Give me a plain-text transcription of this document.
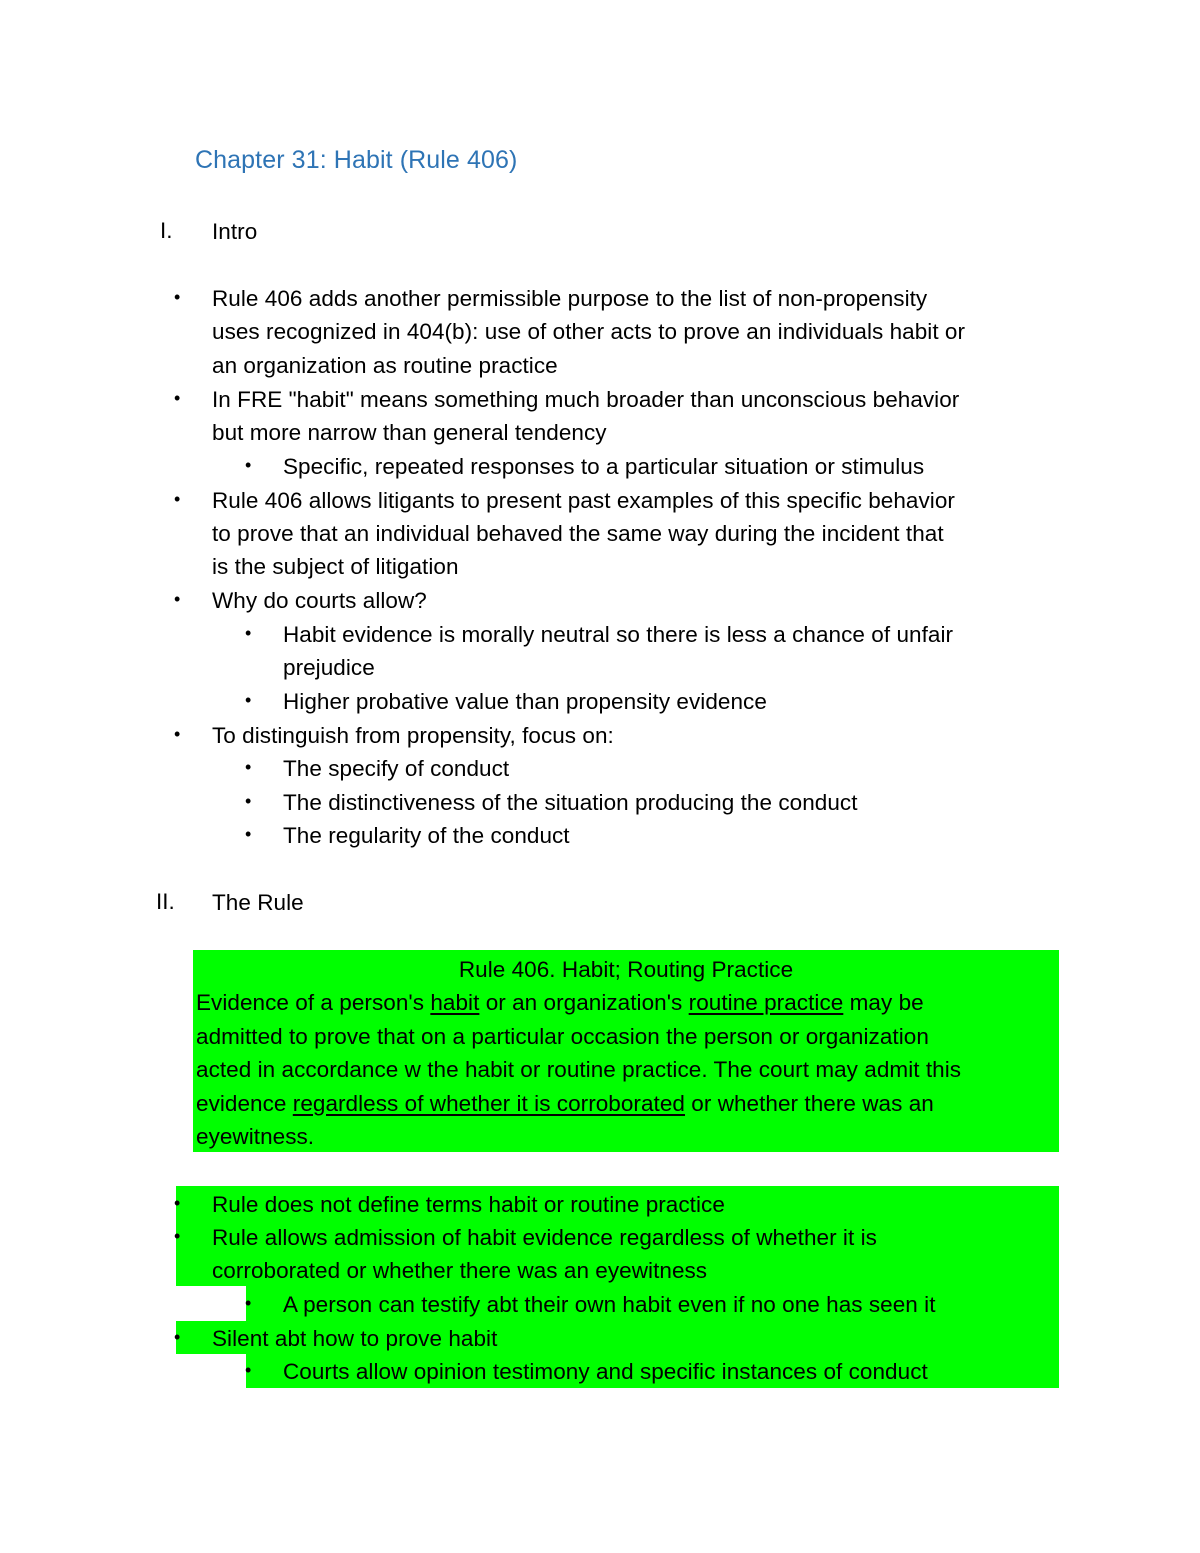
Chapter 31: Habit (Rule 406)
I. Intro
• Rule 406 adds another permissible purpose to the list of non-propensity
uses recognized in 404(b): use of other acts to prove an individuals habit or
an organization as routine practice
• In FRE "habit" means something much broader than unconscious behavior
but more narrow than general tendency
• Specific, repeated responses to a particular situation or stimulus
• Rule 406 allows litigants to present past examples of this specific behavior
to prove that an individual behaved the same way during the incident that
is the subject of litigation
• Why do courts allow?
• Habit evidence is morally neutral so there is less a chance of unfair
prejudice
• Higher probative value than propensity evidence
• To distinguish from propensity, focus on:
• The specify of conduct
• The distinctiveness of the situation producing the conduct
• The regularity of the conduct
II. The Rule
Rule 406. Habit; Routing Practice
Evidence of a person's habit or an organization's routine practice may be
admitted to prove that on a particular occasion the person or organization
acted in accordance w the habit or routine practice. The court may admit this
evidence regardless of whether it is corroborated or whether there was an
eyewitness.
• Rule does not define terms habit or routine practice
• Rule allows admission of habit evidence regardless of whether it is
corroborated or whether there was an eyewitness
• A person can testify abt their own habit even if no one has seen it
• Silent abt how to prove habit
• Courts allow opinion testimony and specific instances of conduct
